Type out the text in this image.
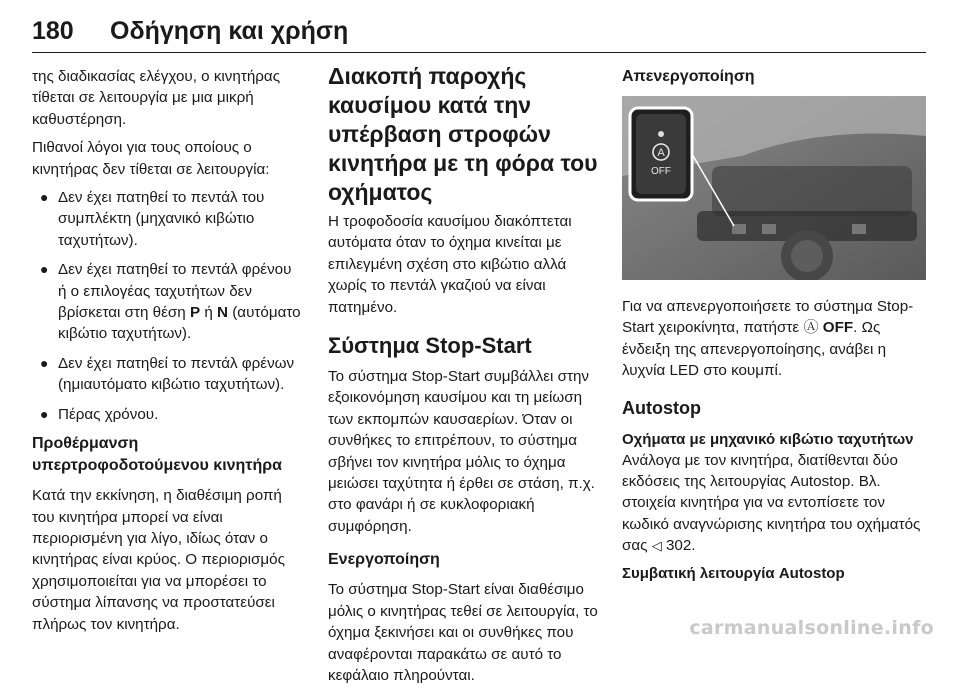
180	Οδήγηση και χρήση

της διαδικασίας ελέγχου, ο κινητήρας τίθεται σε λειτουργία με μια μικρή καθυστέρηση.

Πιθανοί λόγοι για τους οποίους ο κινητήρας δεν τίθεται σε λειτουργία:

● Δεν έχει πατηθεί το πεντάλ του συμπλέκτη (μηχανικό κιβώτιο ταχυτήτων).
● Δεν έχει πατηθεί το πεντάλ φρένου ή ο επιλογέας ταχυτήτων δεν βρίσκεται στη θέση P ή N (αυτόματο κιβώτιο ταχυτήτων).
● Δεν έχει πατηθεί το πεντάλ φρένων (ημιαυτόματο κιβώτιο ταχυτήτων).
● Πέρας χρόνου.
Προθέρμανση υπερτροφοδοτούμενου κινητήρα

Κατά την εκκίνηση, η διαθέσιμη ροπή του κινητήρα μπορεί να είναι περιορισμένη για λίγο, ιδίως όταν ο κινητήρας είναι κρύος. Ο περιορισμός χρησιμοποιείται για να μπορέσει το σύστημα λίπανσης να προστατεύσει πλήρως τον κινητήρα.

Διακοπή παροχής καυσίμου κατά την υπέρβαση στροφών κινητήρα με τη φόρα του οχήματος

Η τροφοδοσία καυσίμου διακόπτεται αυτόματα όταν το όχημα κινείται με επιλεγμένη σχέση στο κιβώτιο αλλά χωρίς το πεντάλ γκαζιού να είναι πατημένο.

Σύστημα Stop-Start

Το σύστημα Stop-Start συμβάλλει στην εξοικονόμηση καυσίμου και τη μείωση των εκπομπών καυσαερίων. Όταν οι συνθήκες το επιτρέπουν, το σύστημα σβήνει τον κινητήρα μόλις το όχημα μειώσει ταχύτητα ή έρθει σε στάση, π.χ. στο φανάρι ή σε κυκλοφοριακή συμφόρηση.

Ενεργοποίηση

Το σύστημα Stop-Start είναι διαθέσιμο μόλις ο κινητήρας τεθεί σε λειτουργία, το όχημα ξεκινήσει και οι συνθήκες που αναφέρονται παρακάτω σε αυτό το κεφάλαιο πληρούνται.

Απενεργοποίηση
A
OFF

Για να απενεργοποιήσετε το σύστημα Stop-Start χειροκίνητα, πατήστε Ⓐ OFF. Ως ένδειξη της απενεργοποίησης, ανάβει η λυχνία LED στο κουμπί.

Autostop
Οχήματα με μηχανικό κιβώτιο ταχυτήτων

Ανάλογα με τον κινητήρα, διατίθενται δύο εκδόσεις της λειτουργίας Autostop. Βλ. στοιχεία κινητήρα για να εντοπίσετε τον κωδικό αναγνώρισης κινητήρα του οχήματός σας ◁ 302.

Συμβατική λειτουργία Autostop
carmanualsonline.info
